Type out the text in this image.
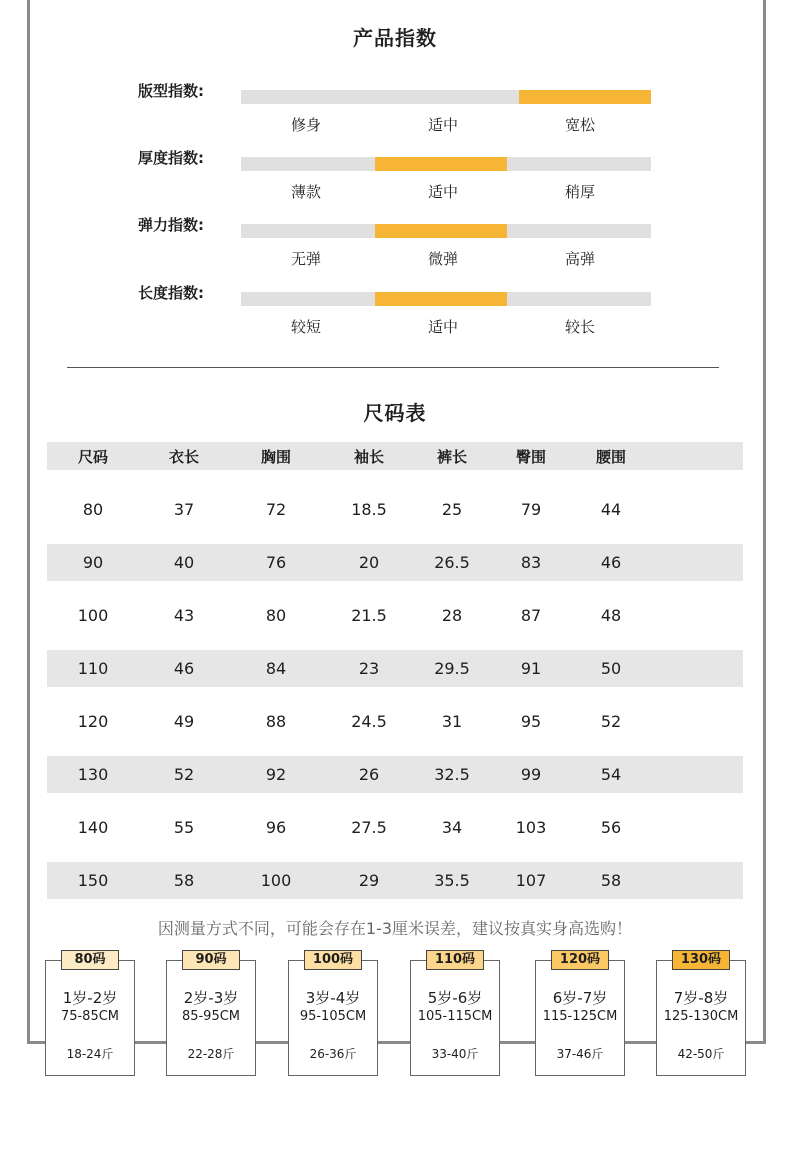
产品指数
版型指数:
修身	适中	宽松
厚度指数:
薄款	适中	稍厚
弹力指数:
无弹	微弹	高弹
长度指数:
较短	适中	较长
尺码表
尺码	衣长	胸围	袖长	裤长	臀围	腰围
80	37	72	18.5	25	79	44
90	40	76	20	26.5	83	46
100	43	80	21.5	28	87	48
110	46	84	23	29.5	91	50
120	49	88	24.5	31	95	52
130	52	92	26	32.5	99	54
140	55	96	27.5	34	103	56
150	58	100	29	35.5	107	58
因测量方式不同，可能会存在1-3厘米误差，建议按真实身高选购！
80码
1岁-2岁
75-85CM
18-24斤
90码
2岁-3岁
85-95CM
22-28斤
100码
3岁-4岁
95-105CM
26-36斤
110码
5岁-6岁
105-115CM
33-40斤
120码
6岁-7岁
115-125CM
37-46斤
130码
7岁-8岁
125-130CM
42-50斤
